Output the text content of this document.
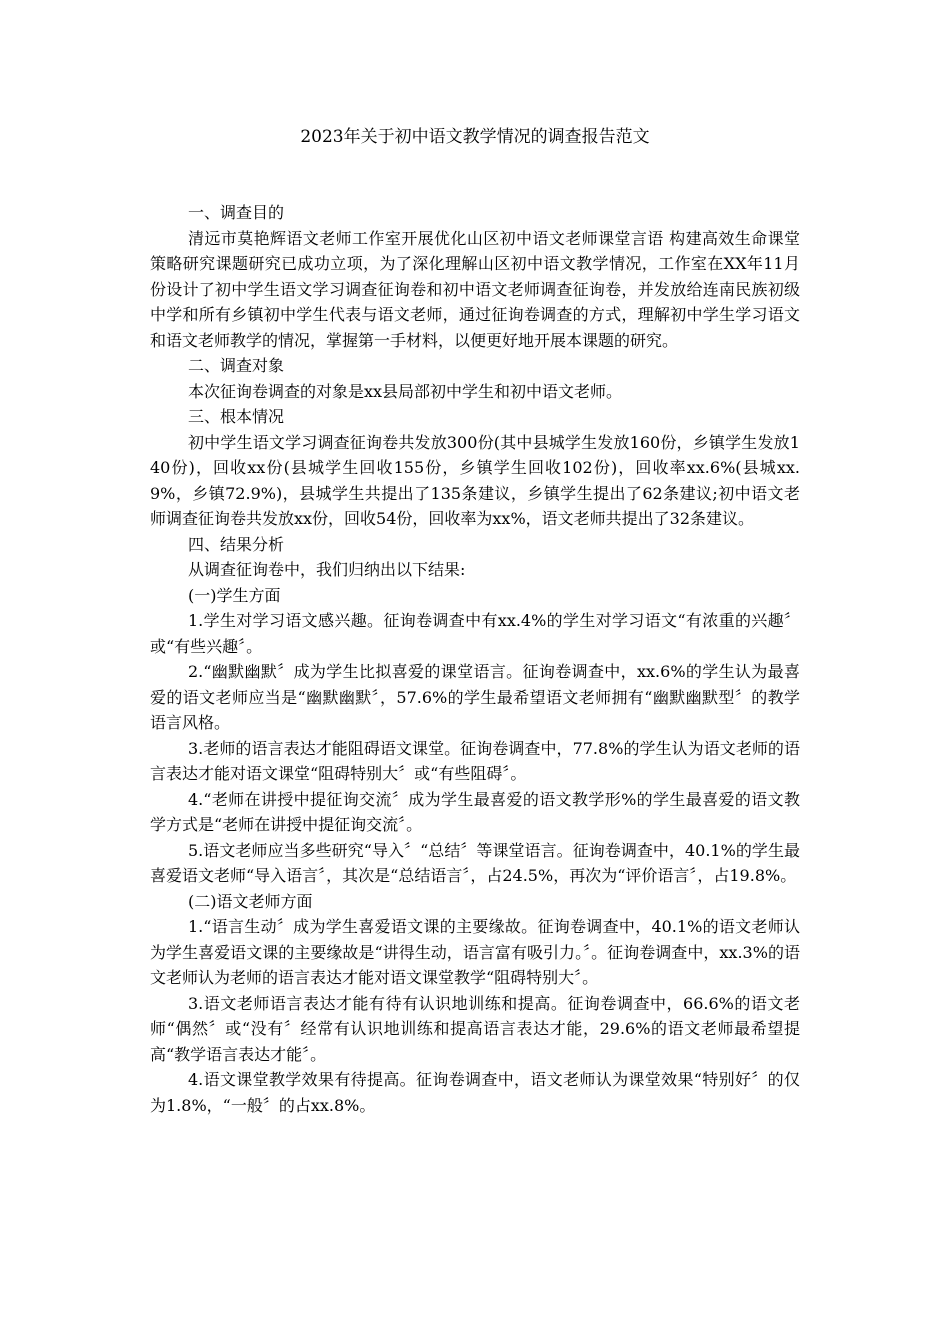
2023年关于初中语文教学情况的调查报告范文

一、调查目的

清远市莫艳辉语文老师工作室开展优化山区初中语文老师课堂言语 构建高效生命课堂策略研究课题研究已成功立项，为了深化理解山区初中语文教学情况，工作室在XX年11月份设计了初中学生语文学习调查征询卷和初中语文老师调查征询卷，并发放给连南民族初级中学和所有乡镇初中学生代表与语文老师，通过征询卷调查的方式，理解初中学生学习语文和语文老师教学的情况，掌握第一手材料，以便更好地开展本课题的研究。

二、调查对象

本次征询卷调查的对象是xx县局部初中学生和初中语文老师。

三、根本情况

初中学生语文学习调查征询卷共发放300份(其中县城学生发放160份，乡镇学生发放140份)，回收xx份(县城学生回收155份，乡镇学生回收102份)，回收率xx.6%(县城xx.9%，乡镇72.9%)，县城学生共提出了135条建议，乡镇学生提出了62条建议;初中语文老师调查征询卷共发放xx份，回收54份，回收率为xx%，语文老师共提出了32条建议。

四、结果分析

从调查征询卷中，我们归纳出以下结果:

(一)学生方面

1.学生对学习语文感兴趣。征询卷调查中有xx.4%的学生对学习语文“有浓重的兴趣〞或“有些兴趣〞。

2.“幽默幽默〞成为学生比拟喜爱的课堂语言。征询卷调查中，xx.6%的学生认为最喜爱的语文老师应当是“幽默幽默〞，57.6%的学生最希望语文老师拥有“幽默幽默型〞的教学语言风格。

3.老师的语言表达才能阻碍语文课堂。征询卷调查中，77.8%的学生认为语文老师的语言表达才能对语文课堂“阻碍特别大〞或“有些阻碍〞。

4.“老师在讲授中提征询交流〞成为学生最喜爱的语文教学形%的学生最喜爱的语文教学方式是“老师在讲授中提征询交流〞。

5.语文老师应当多些研究“导入〞“总结〞等课堂语言。征询卷调查中，40.1%的学生最喜爱语文老师“导入语言〞，其次是“总结语言〞，占24.5%，再次为“评价语言〞，占19.8%。

(二)语文老师方面

1.“语言生动〞成为学生喜爱语文课的主要缘故。征询卷调查中，40.1%的语文老师认为学生喜爱语文课的主要缘故是“讲得生动，语言富有吸引力。〞。征询卷调查中，xx.3%的语文老师认为老师的语言表达才能对语文课堂教学“阻碍特别大〞。

3.语文老师语言表达才能有待有认识地训练和提高。征询卷调查中，66.6%的语文老师“偶然〞或“没有〞经常有认识地训练和提高语言表达才能，29.6%的语文老师最希望提高“教学语言表达才能〞。

4.语文课堂教学效果有待提高。征询卷调查中，语文老师认为课堂效果“特别好〞的仅为1.8%，“一般〞的占xx.8%。
